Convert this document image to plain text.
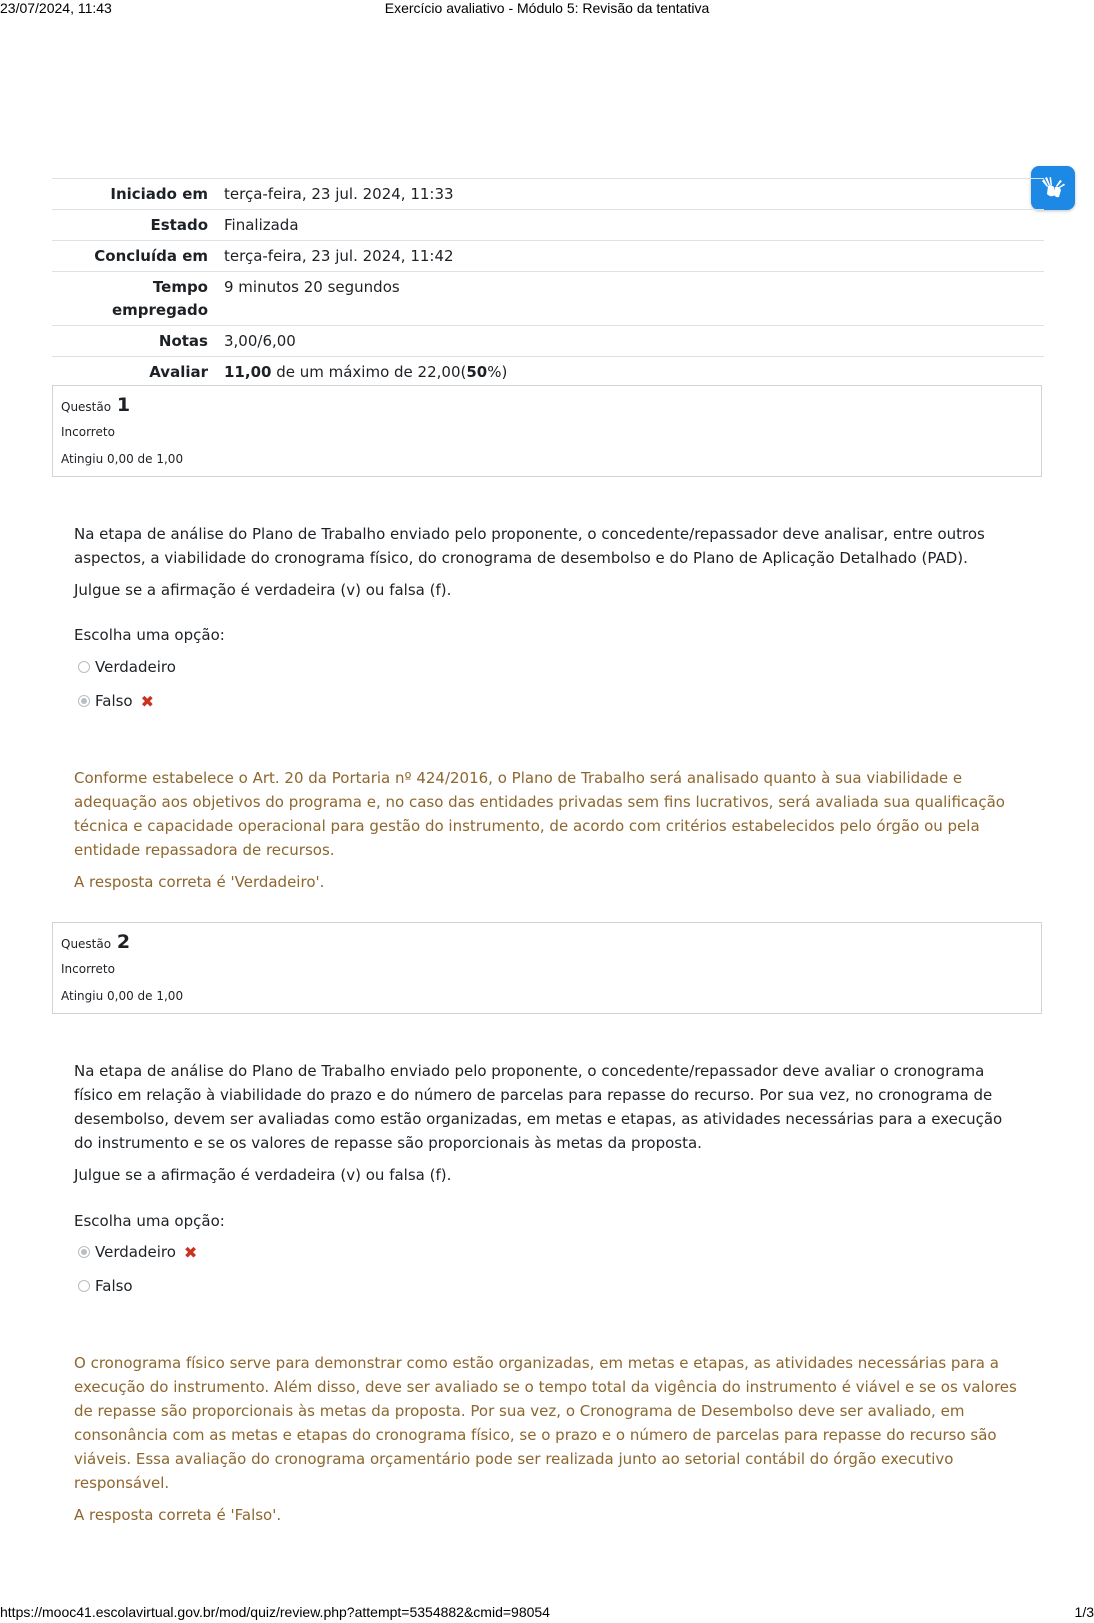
23/07/2024, 11:43	Exercício avaliativo - Módulo 5: Revisão da tentativa
Iniciado em	terça-feira, 23 jul. 2024, 11:33
Estado	Finalizada
Concluída em	terça-feira, 23 jul. 2024, 11:42
Tempo
empregado	9 minutos 20 segundos
Notas	3,00/6,00
Avaliar	11,00 de um máximo de 22,00(50%)
Questão 1
Incorreto
Atingiu 0,00 de 1,00

Na etapa de análise do Plano de Trabalho enviado pelo proponente, o concedente/repassador deve analisar, entre outros aspectos, a viabilidade do cronograma físico, do cronograma de desembolso e do Plano de Aplicação Detalhado (PAD).

Julgue se a afirmação é verdadeira (v) ou falsa (f).

Escolha uma opção:
Verdadeiro
Falso ✖

Conforme estabelece o Art. 20 da Portaria nº 424/2016, o Plano de Trabalho será analisado quanto à sua viabilidade e adequação aos objetivos do programa e, no caso das entidades privadas sem fins lucrativos, será avaliada sua qualificação técnica e capacidade operacional para gestão do instrumento, de acordo com critérios estabelecidos pelo órgão ou pela entidade repassadora de recursos.

A resposta correta é 'Verdadeiro'.

Questão 2
Incorreto
Atingiu 0,00 de 1,00

Na etapa de análise do Plano de Trabalho enviado pelo proponente, o concedente/repassador deve avaliar o cronograma físico em relação à viabilidade do prazo e do número de parcelas para repasse do recurso. Por sua vez, no cronograma de desembolso, devem ser avaliadas como estão organizadas, em metas e etapas, as atividades necessárias para a execução do instrumento e se os valores de repasse são proporcionais às metas da proposta.

Julgue se a afirmação é verdadeira (v) ou falsa (f).

Escolha uma opção:
Verdadeiro ✖
Falso

O cronograma físico serve para demonstrar como estão organizadas, em metas e etapas, as atividades necessárias para a execução do instrumento. Além disso, deve ser avaliado se o tempo total da vigência do instrumento é viável e se os valores de repasse são proporcionais às metas da proposta. Por sua vez, o Cronograma de Desembolso deve ser avaliado, em consonância com as metas e etapas do cronograma físico, se o prazo e o número de parcelas para repasse do recurso são viáveis. Essa avaliação do cronograma orçamentário pode ser realizada junto ao setorial contábil do órgão executivo responsável.

A resposta correta é 'Falso'.

https://mooc41.escolavirtual.gov.br/mod/quiz/review.php?attempt=5354882&cmid=98054	1/3
